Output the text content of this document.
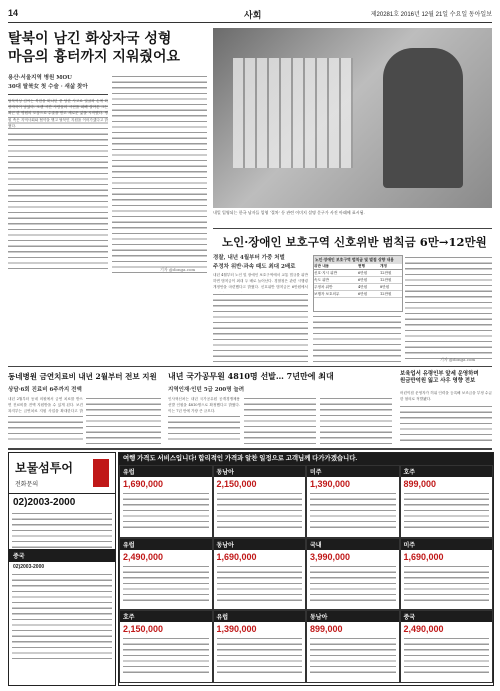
14	사회	제20281호 2016년 12월 21일 수요일 동아일보
탈북이 남긴 화상자국 성형
마음의 흉터까지 지워줬어요
용산·서울지역 병원 MOU
30대 탈북女 첫 수술 · 새삶 찾아
탈북여성 김씨는 북한을 떠나던 중 당한 사고로 얼굴과 손에 화상자국이 남았다. 오랜 시간 사람들의 시선을 피해 살아온 그는 최근 한 병원의 도움으로 수술을 받고 새로운 삶을 시작했다. 병원 측은 지역사회와 협약을 맺고 탈북민 지원을 이어가겠다고 밝혔다.
기자 @donga.com
내일 입영되는 한국 남자들 입영 ‘절차’ 등 관련 이미지 설명 문구가 사진 아래에 표시됨.
노인·장애인 보호구역 신호위반 범칙금 6만→12만원
경찰, 내년 4월부터 가중 처벌
주정차 위반·과속 때도 최대 2배로
내년 4월부터 노인 및 장애인 보호구역에서 교통 법규를 위반하면 범칙금이 최대 두 배로 늘어난다. 경찰청은 관련 시행령 개정안을 마련했다고 밝혔다. 신호위반 범칙금은 6만원에서
노인·장애인 보호구역 범칙금 및 벌점 상향 내용
위반 내용	현행	개정
신호·지시 위반	6만원	12만원
속도 위반	6만원	12만원
주정차 위반	4만원	8만원
보행자 보호의무	6만원	12만원
기자 @donga.com
동네병원 금연치료비 내년 2월부터 전보 지원
상담·6회 진료비 6주까지 전액
내년 2월부터 동네 의원에서 금연 치료를 받으면 진료비를 전액 지원받을 수 있게 된다. 보건복지부는 금연치료 지원 사업을 확대한다고 밝
내년 국가공무원 4810명 선발… 7년만에 최대
지역인재·인턴 5급 200명 늘려
인사혁신처는 내년 국가공무원 공개경쟁채용 선발 인원을 4810명으로 확정했다고 밝혔다. 이는 7년 만에 가장 큰 규모다.
보육업서 유령인부 앞세 운영하며
원금만억원 잃고 사우 영향 전보
어린이집 운영자가 허위 인력을 등록해 보조금을 부정 수급한 혐의로 적발됐다.
보물섬투어
전화문의
02)2003-2000
중국
02)2003-2000
여행 가격도 서비스입니다! 합리적인 가격과 알찬 일정으로 고객님께 다가가겠습니다.
유럽
1,690,000
동남아
2,150,000
미주
1,390,000
호주
899,000
유럽
2,490,000
동남아
1,690,000
국내
3,990,000
미주
1,690,000
호주
2,150,000
유럽
1,390,000
동남아
899,000
중국
2,490,000
